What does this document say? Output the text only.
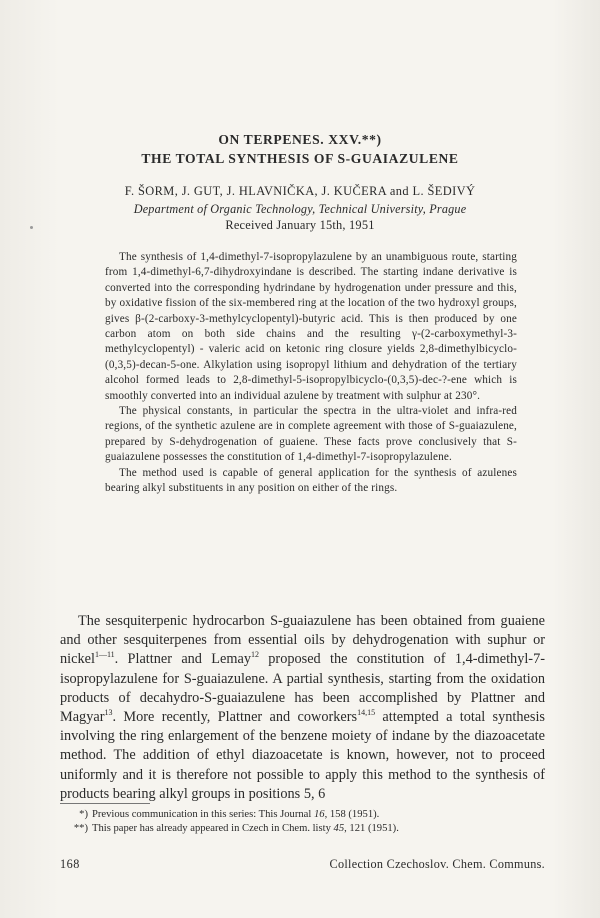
ON TERPENES. XXV.**)
THE TOTAL SYNTHESIS OF S-GUAIAZULENE
F. ŠORM, J. GUT, J. HLAVNIČKA, J. KUČERA and L. ŠEDIVÝ
Department of Organic Technology, Technical University, Prague
Received January 15th, 1951

The synthesis of 1,4-dimethyl-7-isopropylazulene by an unambiguous route, starting from 1,4-dimethyl-6,7-dihydroxyindane is described. The starting indane derivative is converted into the corresponding hydrindane by hydrogenation under pressure and this, by oxidative fission of the six-membered ring at the location of the two hydroxyl groups, gives β-(2-carboxy-3-methylcyclopentyl)-butyric acid. This is then produced by one carbon atom on both side chains and the resulting γ-(2-carboxymethyl-3-methylcyclopentyl) - valeric acid on ketonic ring closure yields 2,8-dimethylbicyclo-(0,3,5)-decan-5-one. Alkylation using isopropyl lithium and dehydration of the tertiary alcohol formed leads to 2,8-dimethyl-5-isopropylbicyclo-(0,3,5)-dec-?-ene which is smoothly converted into an individual azulene by treatment with sulphur at 230°.

The physical constants, in particular the spectra in the ultra-violet and infra-red regions, of the synthetic azulene are in complete agreement with those of S-guaiazulene, prepared by S-dehydrogenation of guaiene. These facts prove conclusively that S-guaiazulene possesses the constitution of 1,4-dimethyl-7-isopropylazulene.

The method used is capable of general application for the synthesis of azulenes bearing alkyl substituents in any position on either of the rings.

The sesquiterpenic hydrocarbon S-guaiazulene has been obtained from guaiene and other sesquiterpenes from essential oils by dehydrogenation with suphur or nickel$^{1—11}$. Plattner and Lemay$^{12}$ proposed the constitution of 1,4-dimethyl-7-isopropylazulene for S-guaiazulene. A partial synthesis, starting from the oxidation products of decahydro-S-guaiazulene has been accomplished by Plattner and Magyar$^{13}$. More recently, Plattner and coworkers$^{14,15}$ attempted a total synthesis involving the ring enlargement of the benzene moiety of indane by the diazoacetate method. The addition of ethyl diazoacetate is known, however, not to proceed uniformly and it is therefore not possible to apply this method to the synthesis of products bearing alkyl groups in positions 5, 6

*) Previous communication in this series: This Journal 16, 158 (1951).
**) This paper has already appeared in Czech in Chem. listy 45, 121 (1951).
168	Collection Czechoslov. Chem. Communs.
